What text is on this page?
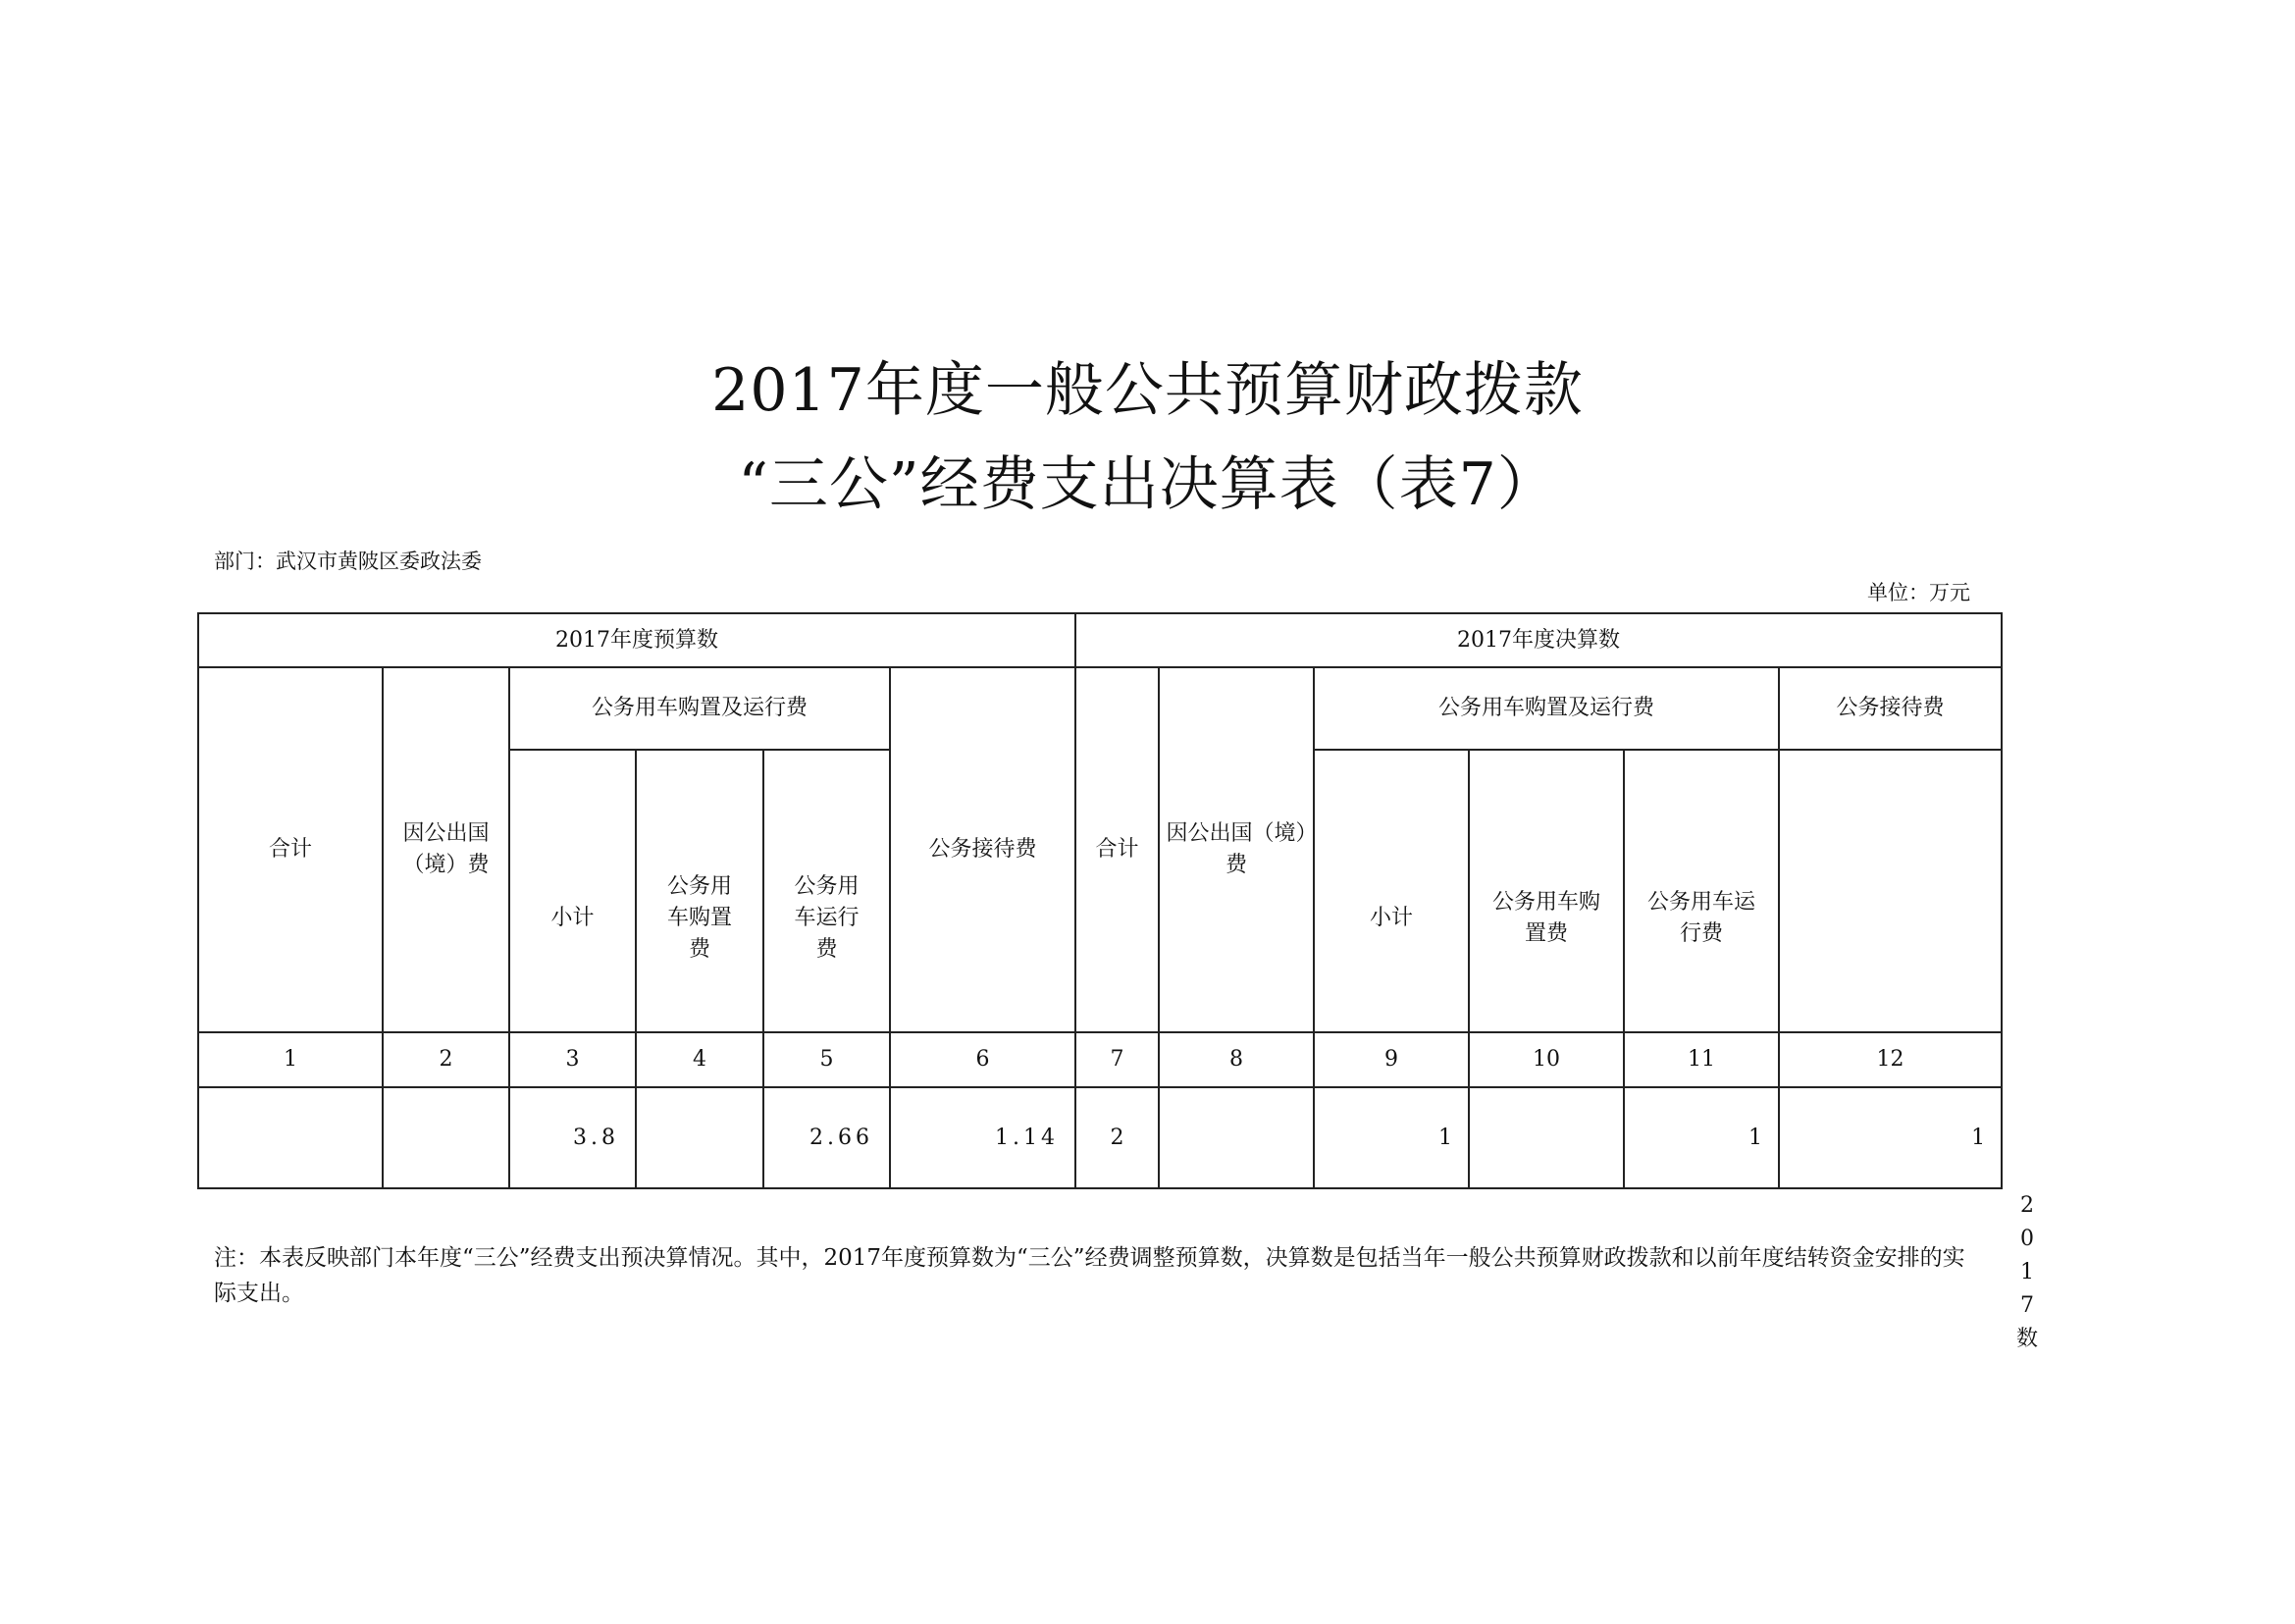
2017年度一般公共预算财政拨款
“三公”经费支出决算表（表7）
部门：武汉市黄陂区委政法委
单位：万元
2017年度预算数						2017年度决算数					
合计	因公出国（境）费	公务用车购置及运行费			公务接待费	合计	因公出国（境）费	公务用车购置及运行费			公务接待费
		小计	公务用车购置费	公务用车运行费				小计	公务用车购置费	公务用车运行费	
1	2	3	4	5	6	7	8	9	10	11	12
		3.8		2.66	1.14	2		1		1	1
注：本表反映部门本年度“三公”经费支出预决算情况。其中，2017年度预算数为“三公”经费调整预算数，决算数是包括当年一般公共预算财政拨款和以前年度结转资金安排的实际支出。
2017数
